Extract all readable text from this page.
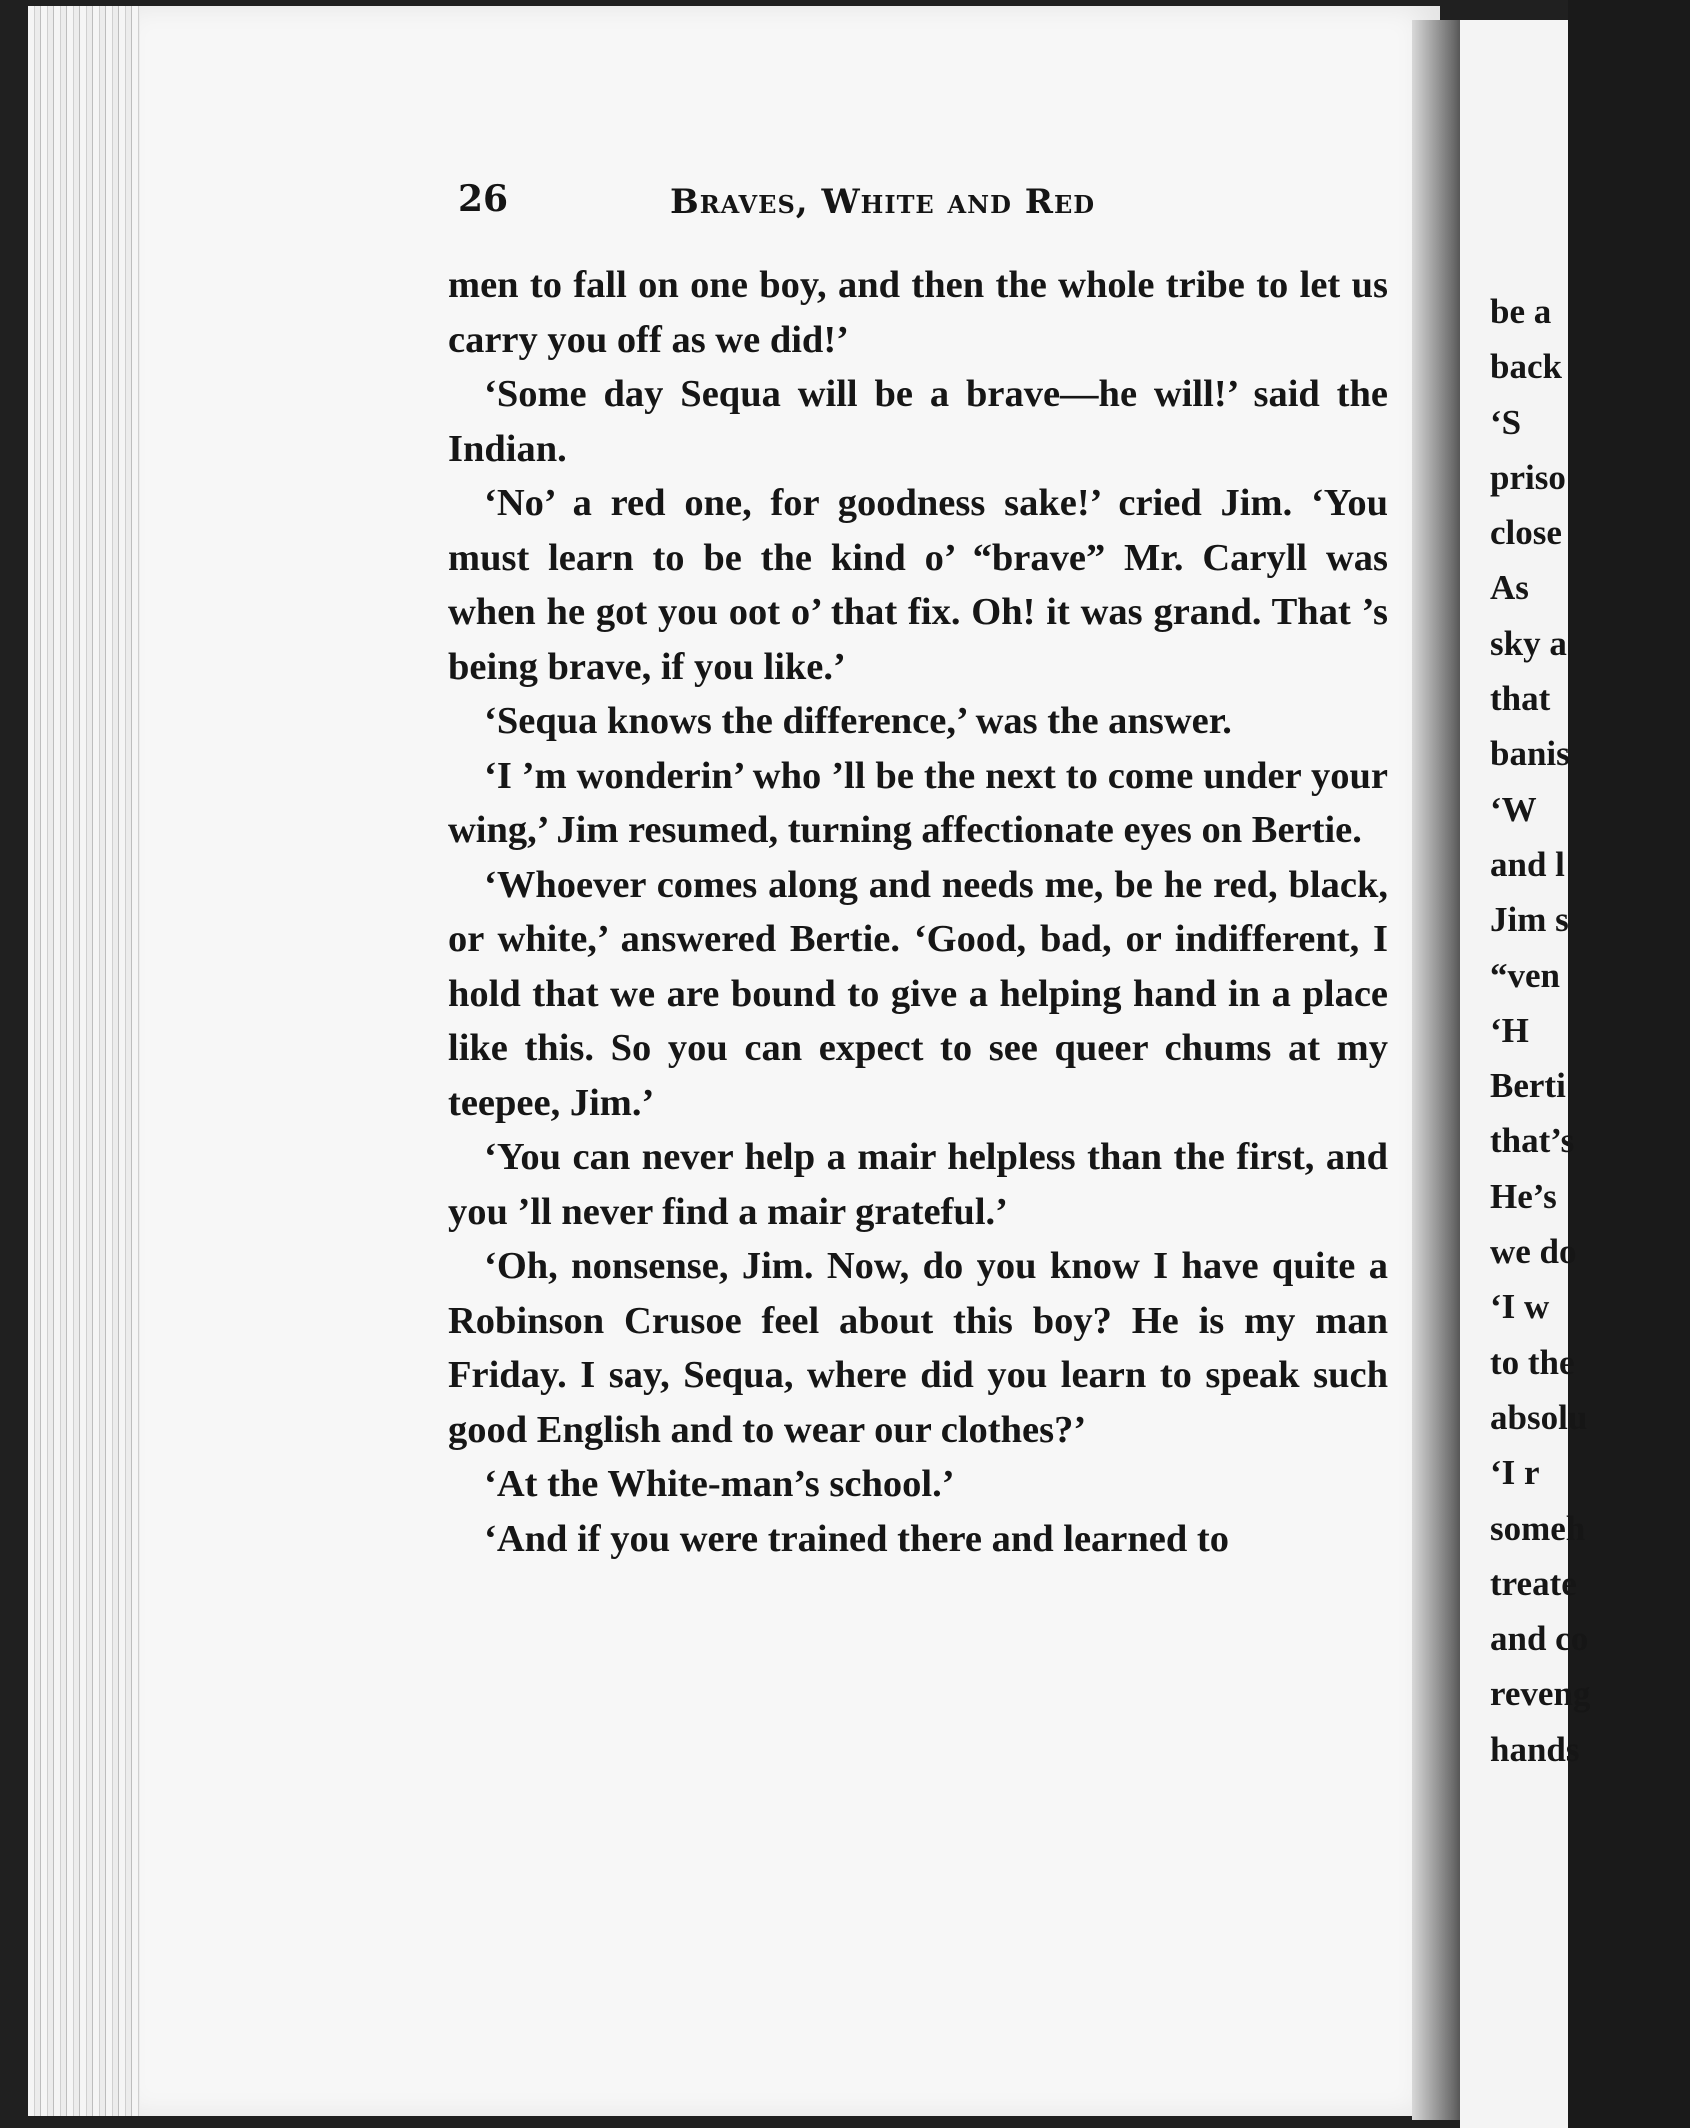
26	Braves, White and Red

men to fall on one boy, and then the whole tribe to let us carry you off as we did!’

‘Some day Sequa will be a brave—he will!’ said the Indian.

‘No’ a red one, for goodness sake!’ cried Jim. ‘You must learn to be the kind o’ “brave” Mr. Caryll was when he got you oot o’ that fix. Oh! it was grand. That ’s being brave, if you like.’

‘Sequa knows the difference,’ was the answer.

‘I ’m wonderin’ who ’ll be the next to come under your wing,’ Jim resumed, turning affectionate eyes on Bertie.

‘Whoever comes along and needs me, be he red, black, or white,’ answered Bertie. ‘Good, bad, or indifferent, I hold that we are bound to give a helping hand in a place like this. So you can expect to see queer chums at my teepee, Jim.’

‘You can never help a mair helpless than the first, and you ’ll never find a mair grateful.’

‘Oh, nonsense, Jim. Now, do you know I have quite a Robinson Crusoe feel about this boy? He is my man Friday. I say, Sequa, where did you learn to speak such good English and to wear our clothes?’

‘At the White-man’s school.’

‘And if you were trained there and learned to

be a
back
‘S
priso
close
As
sky a
that
banis
‘W
and l
Jim s
“ven
‘H
Berti
that’s
He’s
we do
‘I w
to the
absolu
‘I r
someh
treate
and co
reveng
hands
